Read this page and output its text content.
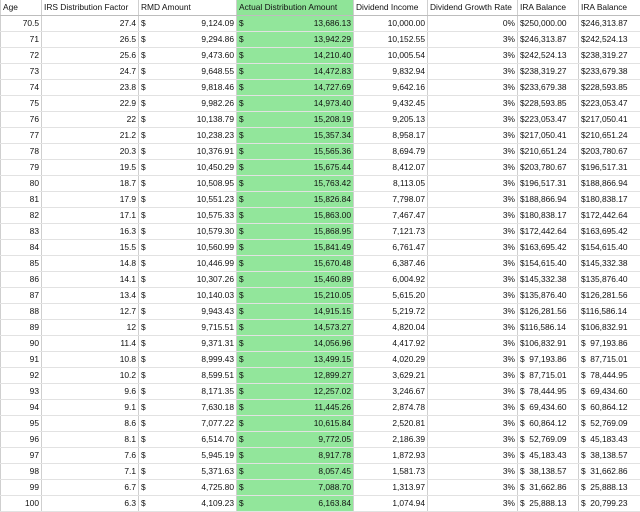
Age	IRS Distribution Factor	RMD Amount	Actual Distribution Amount	Dividend Income	Dividend Growth Rate	IRA Balance	IRA Balance
70.5	27.4	$ 9,124.09	$ 13,686.13	10,000.00	0%	$250,000.00	$246,313.87
71	26.5	$ 9,294.86	$ 13,942.29	10,152.55	3%	$246,313.87	$242,524.13
72	25.6	$ 9,473.60	$ 14,210.40	10,005.54	3%	$242,524.13	$238,319.27
73	24.7	$ 9,648.55	$ 14,472.83	9,832.94	3%	$238,319.27	$233,679.38
74	23.8	$ 9,818.46	$ 14,727.69	9,642.16	3%	$233,679.38	$228,593.85
75	22.9	$ 9,982.26	$ 14,973.40	9,432.45	3%	$228,593.85	$223,053.47
76	22	$ 10,138.79	$ 15,208.19	9,205.13	3%	$223,053.47	$217,050.41
77	21.2	$ 10,238.23	$ 15,357.34	8,958.17	3%	$217,050.41	$210,651.24
78	20.3	$ 10,376.91	$ 15,565.36	8,694.79	3%	$210,651.24	$203,780.67
79	19.5	$ 10,450.29	$ 15,675.44	8,412.07	3%	$203,780.67	$196,517.31
80	18.7	$ 10,508.95	$ 15,763.42	8,113.05	3%	$196,517.31	$188,866.94
81	17.9	$ 10,551.23	$ 15,826.84	7,798.07	3%	$188,866.94	$180,838.17
82	17.1	$ 10,575.33	$ 15,863.00	7,467.47	3%	$180,838.17	$172,442.64
83	16.3	$ 10,579.30	$ 15,868.95	7,121.73	3%	$172,442.64	$163,695.42
84	15.5	$ 10,560.99	$ 15,841.49	6,761.47	3%	$163,695.42	$154,615.40
85	14.8	$ 10,446.99	$ 15,670.48	6,387.46	3%	$154,615.40	$145,332.38
86	14.1	$ 10,307.26	$ 15,460.89	6,004.92	3%	$145,332.38	$135,876.40
87	13.4	$ 10,140.03	$ 15,210.05	5,615.20	3%	$135,876.40	$126,281.56
88	12.7	$ 9,943.43	$ 14,915.15	5,219.72	3%	$126,281.56	$116,586.14
89	12	$ 9,715.51	$ 14,573.27	4,820.04	3%	$116,586.14	$106,832.91
90	11.4	$ 9,371.31	$ 14,056.96	4,417.92	3%	$106,832.91	$  97,193.86
91	10.8	$ 8,999.43	$ 13,499.15	4,020.29	3%	$  97,193.86	$  87,715.01
92	10.2	$ 8,599.51	$ 12,899.27	3,629.21	3%	$  87,715.01	$  78,444.95
93	9.6	$ 8,171.35	$ 12,257.02	3,246.67	3%	$  78,444.95	$  69,434.60
94	9.1	$ 7,630.18	$ 11,445.26	2,874.78	3%	$  69,434.60	$  60,864.12
95	8.6	$ 7,077.22	$ 10,615.84	2,520.81	3%	$  60,864.12	$  52,769.09
96	8.1	$ 6,514.70	$ 9,772.05	2,186.39	3%	$  52,769.09	$  45,183.43
97	7.6	$ 5,945.19	$ 8,917.78	1,872.93	3%	$  45,183.43	$  38,138.57
98	7.1	$ 5,371.63	$ 8,057.45	1,581.73	3%	$  38,138.57	$  31,662.86
99	6.7	$ 4,725.80	$ 7,088.70	1,313.97	3%	$  31,662.86	$  25,888.13
100	6.3	$ 4,109.23	$ 6,163.84	1,074.94	3%	$  25,888.13	$  20,799.23
